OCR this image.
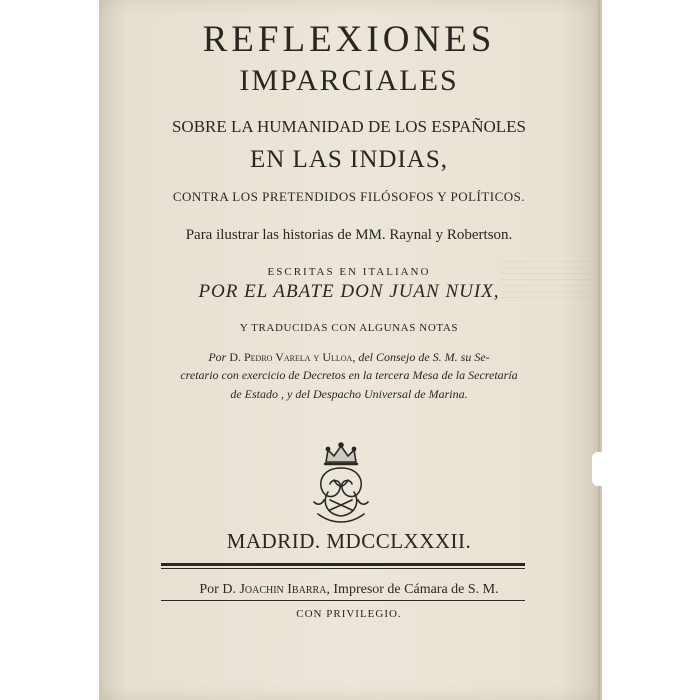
REFLEXIONES
IMPARCIALES
SOBRE LA HUMANIDAD DE LOS ESPAÑOLES
EN LAS INDIAS,
CONTRA LOS PRETENDIDOS FILÓSOFOS Y POLÍTICOS.
Para ilustrar las historias de MM. Raynal y Robertson.
ESCRITAS EN ITALIANO
POR EL ABATE DON JUAN NUIX,
Y TRADUCIDAS CON ALGUNAS NOTAS
Por D. Pedro Varela y Ulloa, del Consejo de S. M. su Se-
cretario con exercicio de Decretos en la tercera Mesa de la Secretaría
de Estado , y del Despacho Universal de Marina.
MADRID. MDCCLXXXII.
Por D. Joachin Ibarra, Impresor de Cámara de S. M.
CON PRIVILEGIO.
